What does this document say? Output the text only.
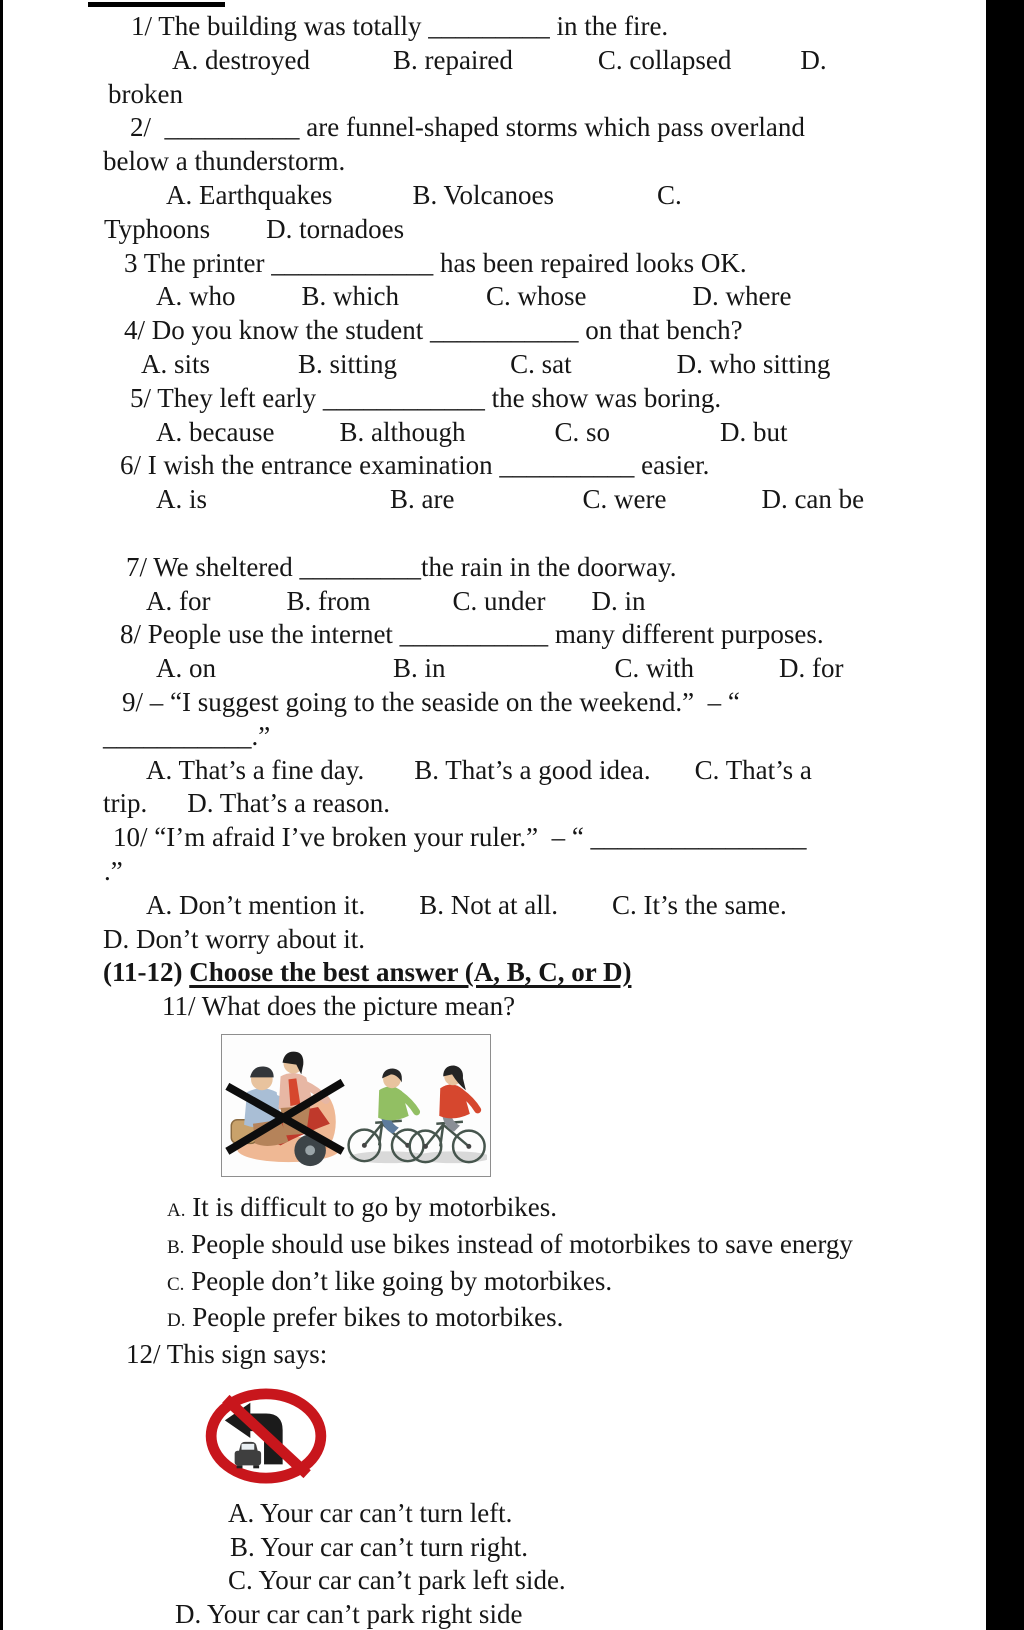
1/ The building was totally _________ in the fire.
A. destroyed	B. repaired	C. collapsed	D.
broken
2/  __________ are funnel-shaped storms which pass overland
below a thunderstorm.
A. Earthquakes	B. Volcanoes	C.
Typhoons D. tornadoes
3 The printer ____________ has been repaired looks OK.
A. who B. which	C. whose	D. where
4/ Do you know the student ___________ on that bench?
A. sits	B. sitting	C. sat	D. who sitting
5/ They left early ____________ the show was boring.
A. because B. although	C. so	D. but
6/ I wish the entrance examination __________ easier.
A. is	B. are	C. were	D. can be

7/ We sheltered _________the rain in the doorway.
A. for	B. from	C. under D. in
8/ People use the internet ___________ many different purposes.
A. on	B. in	C. with	D. for
9/ – “I suggest going to the seaside on the weekend.”  – “
___________.”
A. That’s a fine day. B. That’s a good idea. C. That’s a
trip. D. That’s a reason.
10/ “I’m afraid I’ve broken your ruler.”  – “ ________________
.”
A. Don’t mention it. B. Not at all. C. It’s the same.
D. Don’t worry about it.
(11-12) Choose the best answer (A, B, C, or D)
11/ What does the picture mean?
A. It is difficult to go by motorbikes.
B. People should use bikes instead of motorbikes to save energy
C. People don’t like going by motorbikes.
D. People prefer bikes to motorbikes.
12/ This sign says:
A. Your car can’t turn left.
B. Your car can’t turn right.
C. Your car can’t park left side.
D. Your car can’t park right side
